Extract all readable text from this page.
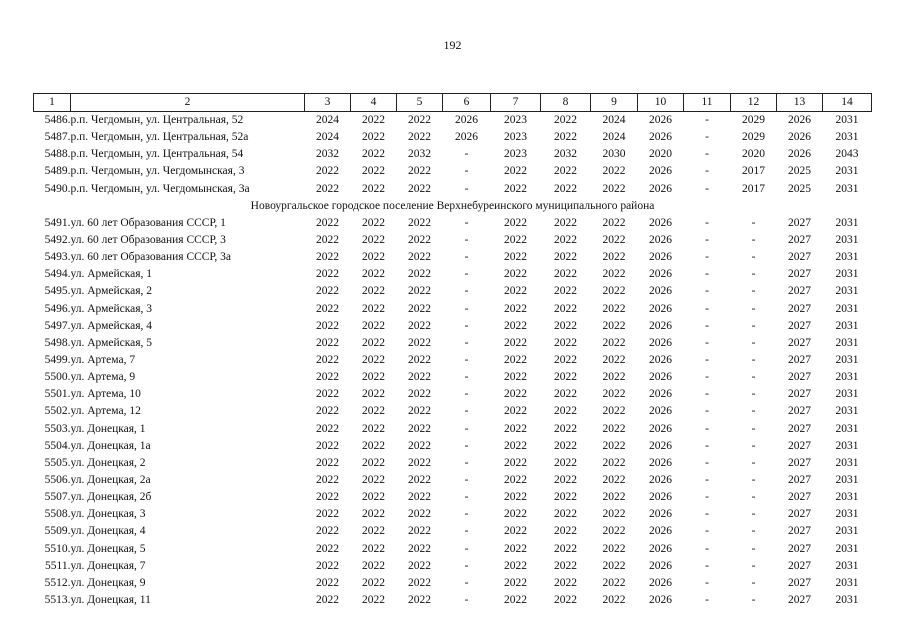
192
1	2	3	4	5	6	7	8	9	10	11	12	13	14
5486.	р.п. Чегдомын, ул. Центральная, 52	2024	2022	2022	2026	2023	2022	2024	2026	-	2029	2026	2031
5487.	р.п. Чегдомын, ул. Центральная, 52а	2024	2022	2022	2026	2023	2022	2024	2026	-	2029	2026	2031
5488.	р.п. Чегдомын, ул. Центральная, 54	2032	2022	2032	-	2023	2032	2030	2020	-	2020	2026	2043
5489.	р.п. Чегдомын, ул. Чегдомынская, 3	2022	2022	2022	-	2022	2022	2022	2026	-	2017	2025	2031
5490.	р.п. Чегдомын, ул. Чегдомынская, 3а	2022	2022	2022	-	2022	2022	2022	2026	-	2017	2025	2031
Новоургальское городское поселение Верхнебуреинского муниципального района													
5491.	ул. 60 лет Образования СССР, 1	2022	2022	2022	-	2022	2022	2022	2026	-	-	2027	2031
5492.	ул. 60 лет Образования СССР, 3	2022	2022	2022	-	2022	2022	2022	2026	-	-	2027	2031
5493.	ул. 60 лет Образования СССР, 3а	2022	2022	2022	-	2022	2022	2022	2026	-	-	2027	2031
5494.	ул. Армейская, 1	2022	2022	2022	-	2022	2022	2022	2026	-	-	2027	2031
5495.	ул. Армейская, 2	2022	2022	2022	-	2022	2022	2022	2026	-	-	2027	2031
5496.	ул. Армейская, 3	2022	2022	2022	-	2022	2022	2022	2026	-	-	2027	2031
5497.	ул. Армейская, 4	2022	2022	2022	-	2022	2022	2022	2026	-	-	2027	2031
5498.	ул. Армейская, 5	2022	2022	2022	-	2022	2022	2022	2026	-	-	2027	2031
5499.	ул. Артема, 7	2022	2022	2022	-	2022	2022	2022	2026	-	-	2027	2031
5500.	ул. Артема, 9	2022	2022	2022	-	2022	2022	2022	2026	-	-	2027	2031
5501.	ул. Артема, 10	2022	2022	2022	-	2022	2022	2022	2026	-	-	2027	2031
5502.	ул. Артема, 12	2022	2022	2022	-	2022	2022	2022	2026	-	-	2027	2031
5503.	ул. Донецкая, 1	2022	2022	2022	-	2022	2022	2022	2026	-	-	2027	2031
5504.	ул. Донецкая, 1а	2022	2022	2022	-	2022	2022	2022	2026	-	-	2027	2031
5505.	ул. Донецкая, 2	2022	2022	2022	-	2022	2022	2022	2026	-	-	2027	2031
5506.	ул. Донецкая, 2а	2022	2022	2022	-	2022	2022	2022	2026	-	-	2027	2031
5507.	ул. Донецкая, 2б	2022	2022	2022	-	2022	2022	2022	2026	-	-	2027	2031
5508.	ул. Донецкая, 3	2022	2022	2022	-	2022	2022	2022	2026	-	-	2027	2031
5509.	ул. Донецкая, 4	2022	2022	2022	-	2022	2022	2022	2026	-	-	2027	2031
5510.	ул. Донецкая, 5	2022	2022	2022	-	2022	2022	2022	2026	-	-	2027	2031
5511.	ул. Донецкая, 7	2022	2022	2022	-	2022	2022	2022	2026	-	-	2027	2031
5512.	ул. Донецкая, 9	2022	2022	2022	-	2022	2022	2022	2026	-	-	2027	2031
5513.	ул. Донецкая, 11	2022	2022	2022	-	2022	2022	2022	2026	-	-	2027	2031
